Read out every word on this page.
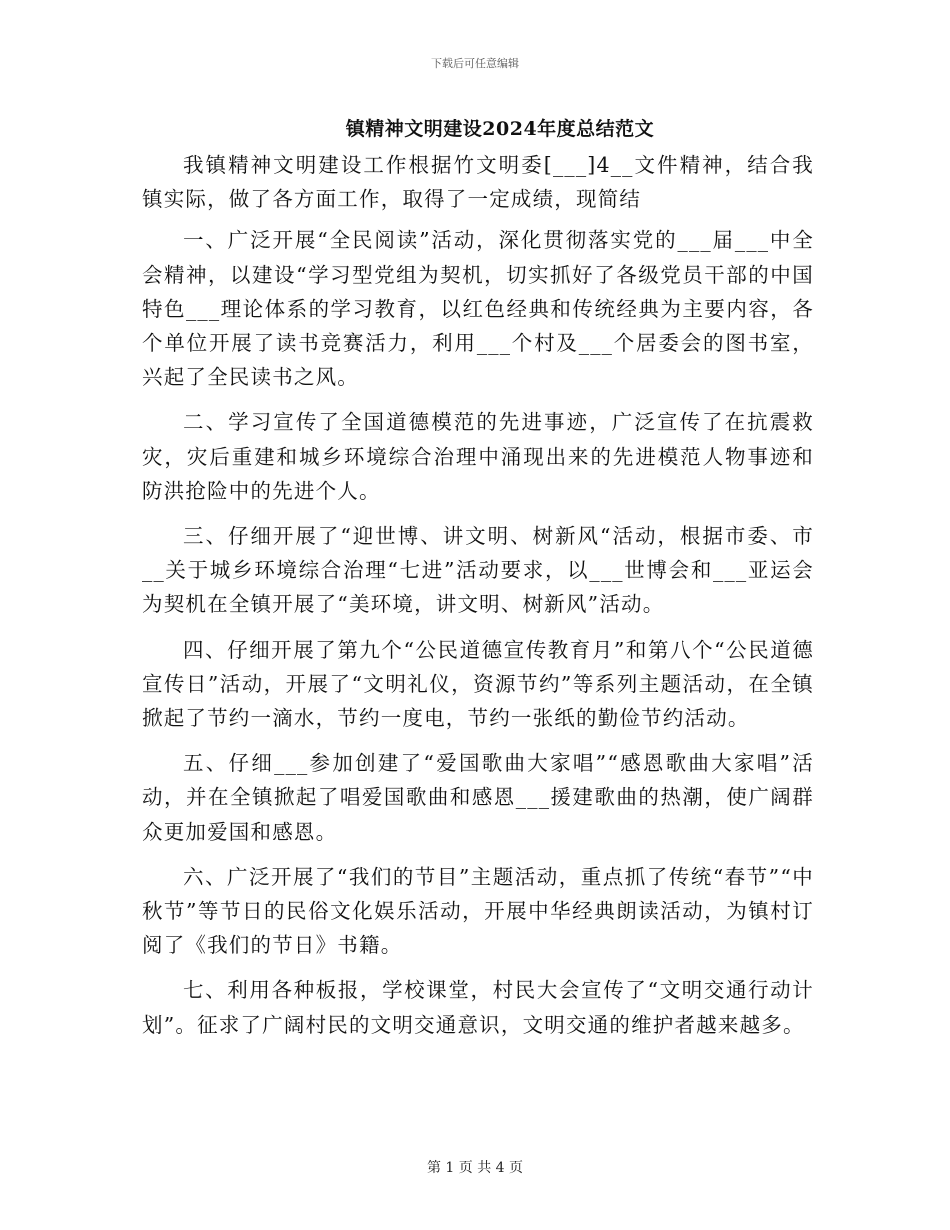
下载后可任意编辑
镇精神文明建设2024年度总结范文

我镇精神文明建设工作根据竹文明委[___]4__文件精神，结合我镇实际，做了各方面工作，取得了一定成绩，现简结

一、广泛开展“全民阅读”活动，深化贯彻落实党的___届___中全会精神，以建设“学习型党组为契机，切实抓好了各级党员干部的中国特色___理论体系的学习教育，以红色经典和传统经典为主要内容，各个单位开展了读书竞赛活力，利用___个村及___个居委会的图书室，兴起了全民读书之风。

二、学习宣传了全国道德模范的先进事迹，广泛宣传了在抗震救灾，灾后重建和城乡环境综合治理中涌现出来的先进模范人物事迹和防洪抢险中的先进个人。

三、仔细开展了“迎世博、讲文明、树新风“活动，根据市委、市__关于城乡环境综合治理“七进”活动要求，以___世博会和___亚运会为契机在全镇开展了“美环境，讲文明、树新风”活动。

四、仔细开展了第九个“公民道德宣传教育月”和第八个“公民道德宣传日”活动，开展了“文明礼仪，资源节约”等系列主题活动，在全镇掀起了节约一滴水，节约一度电，节约一张纸的勤俭节约活动。

五、仔细___参加创建了“爱国歌曲大家唱”“感恩歌曲大家唱”活动，并在全镇掀起了唱爱国歌曲和感恩___援建歌曲的热潮，使广阔群众更加爱国和感恩。

六、广泛开展了“我们的节目”主题活动，重点抓了传统“春节”“中秋节”等节日的民俗文化娱乐活动，开展中华经典朗读活动，为镇村订阅了《我们的节日》书籍。

七、利用各种板报，学校课堂，村民大会宣传了“文明交通行动计划”。征求了广阔村民的文明交通意识，文明交通的维护者越来越多。

第 1 页 共 4 页
